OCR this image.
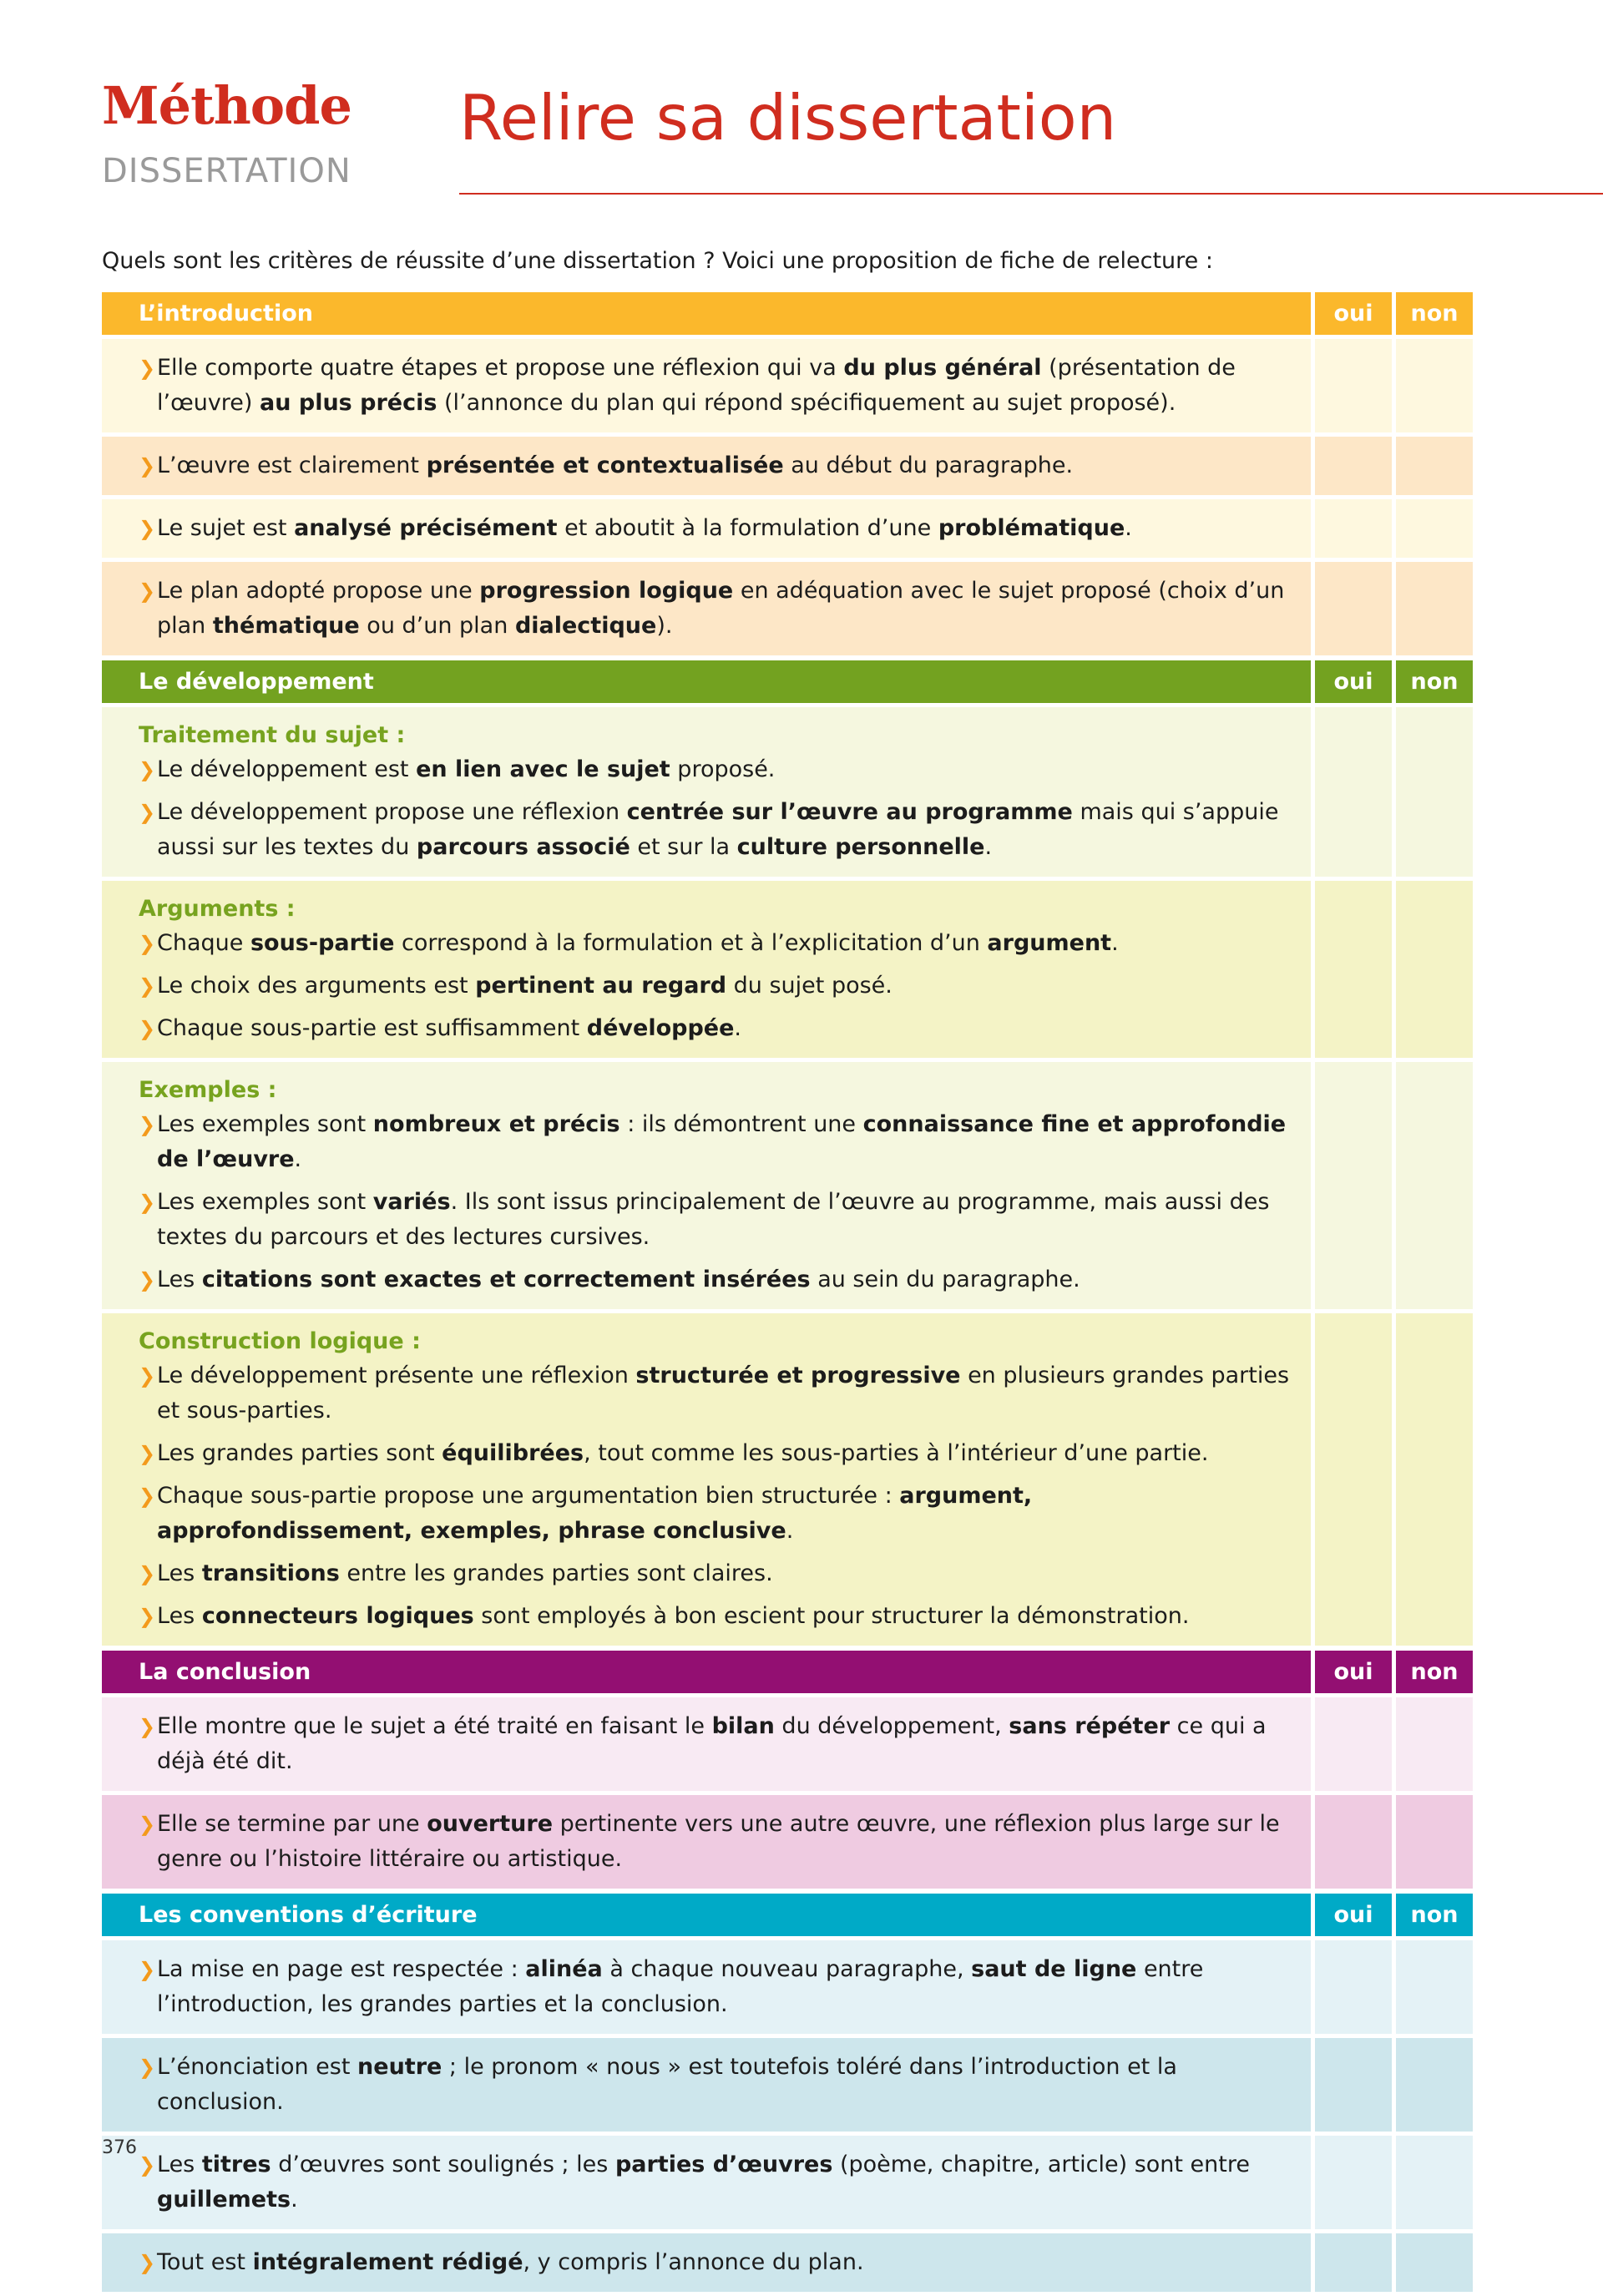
Méthode
DISSERTATION
Relire sa dissertation
Quels sont les critères de réussite d’une dissertation ? Voici une proposition de fiche de relecture :
L’introduction	oui	non
❯ Elle comporte quatre étapes et propose une réflexion qui va du plus général (présentation de l’œuvre) au plus précis (l’annonce du plan qui répond spécifiquement au sujet proposé).
❯ L’œuvre est clairement présentée et contextualisée au début du paragraphe.
❯ Le sujet est analysé précisément et aboutit à la formulation d’une problématique.
❯ Le plan adopté propose une progression logique en adéquation avec le sujet proposé (choix d’un plan thématique ou d’un plan dialectique).
Le développement	oui	non
Traitement du sujet :
❯ Le développement est en lien avec le sujet proposé.
❯ Le développement propose une réflexion centrée sur l’œuvre au programme mais qui s’appuie aussi sur les textes du parcours associé et sur la culture personnelle.
Arguments :
❯ Chaque sous-partie correspond à la formulation et à l’explicitation d’un argument.
❯ Le choix des arguments est pertinent au regard du sujet posé.
❯ Chaque sous-partie est suffisamment développée.
Exemples :
❯ Les exemples sont nombreux et précis : ils démontrent une connaissance fine et approfondie de l’œuvre.
❯ Les exemples sont variés. Ils sont issus principalement de l’œuvre au programme, mais aussi des textes du parcours et des lectures cursives.
❯ Les citations sont exactes et correctement insérées au sein du paragraphe.
Construction logique :
❯ Le développement présente une réflexion structurée et progressive en plusieurs grandes parties et sous-parties.
❯ Les grandes parties sont équilibrées, tout comme les sous-parties à l’intérieur d’une partie.
❯ Chaque sous-partie propose une argumentation bien structurée : argument, approfondissement, exemples, phrase conclusive.
❯ Les transitions entre les grandes parties sont claires.
❯ Les connecteurs logiques sont employés à bon escient pour structurer la démonstration.
La conclusion	oui	non
❯ Elle montre que le sujet a été traité en faisant le bilan du développement, sans répéter ce qui a déjà été dit.
❯ Elle se termine par une ouverture pertinente vers une autre œuvre, une réflexion plus large sur le genre ou l’histoire littéraire ou artistique.
Les conventions d’écriture	oui	non
❯ La mise en page est respectée : alinéa à chaque nouveau paragraphe, saut de ligne entre l’introduction, les grandes parties et la conclusion.
❯ L’énonciation est neutre ; le pronom « nous » est toutefois toléré dans l’introduction et la conclusion.
❯ Les titres d’œuvres sont soulignés ; les parties d’œuvres (poème, chapitre, article) sont entre guillemets.
❯ Tout est intégralement rédigé, y compris l’annonce du plan.
376
